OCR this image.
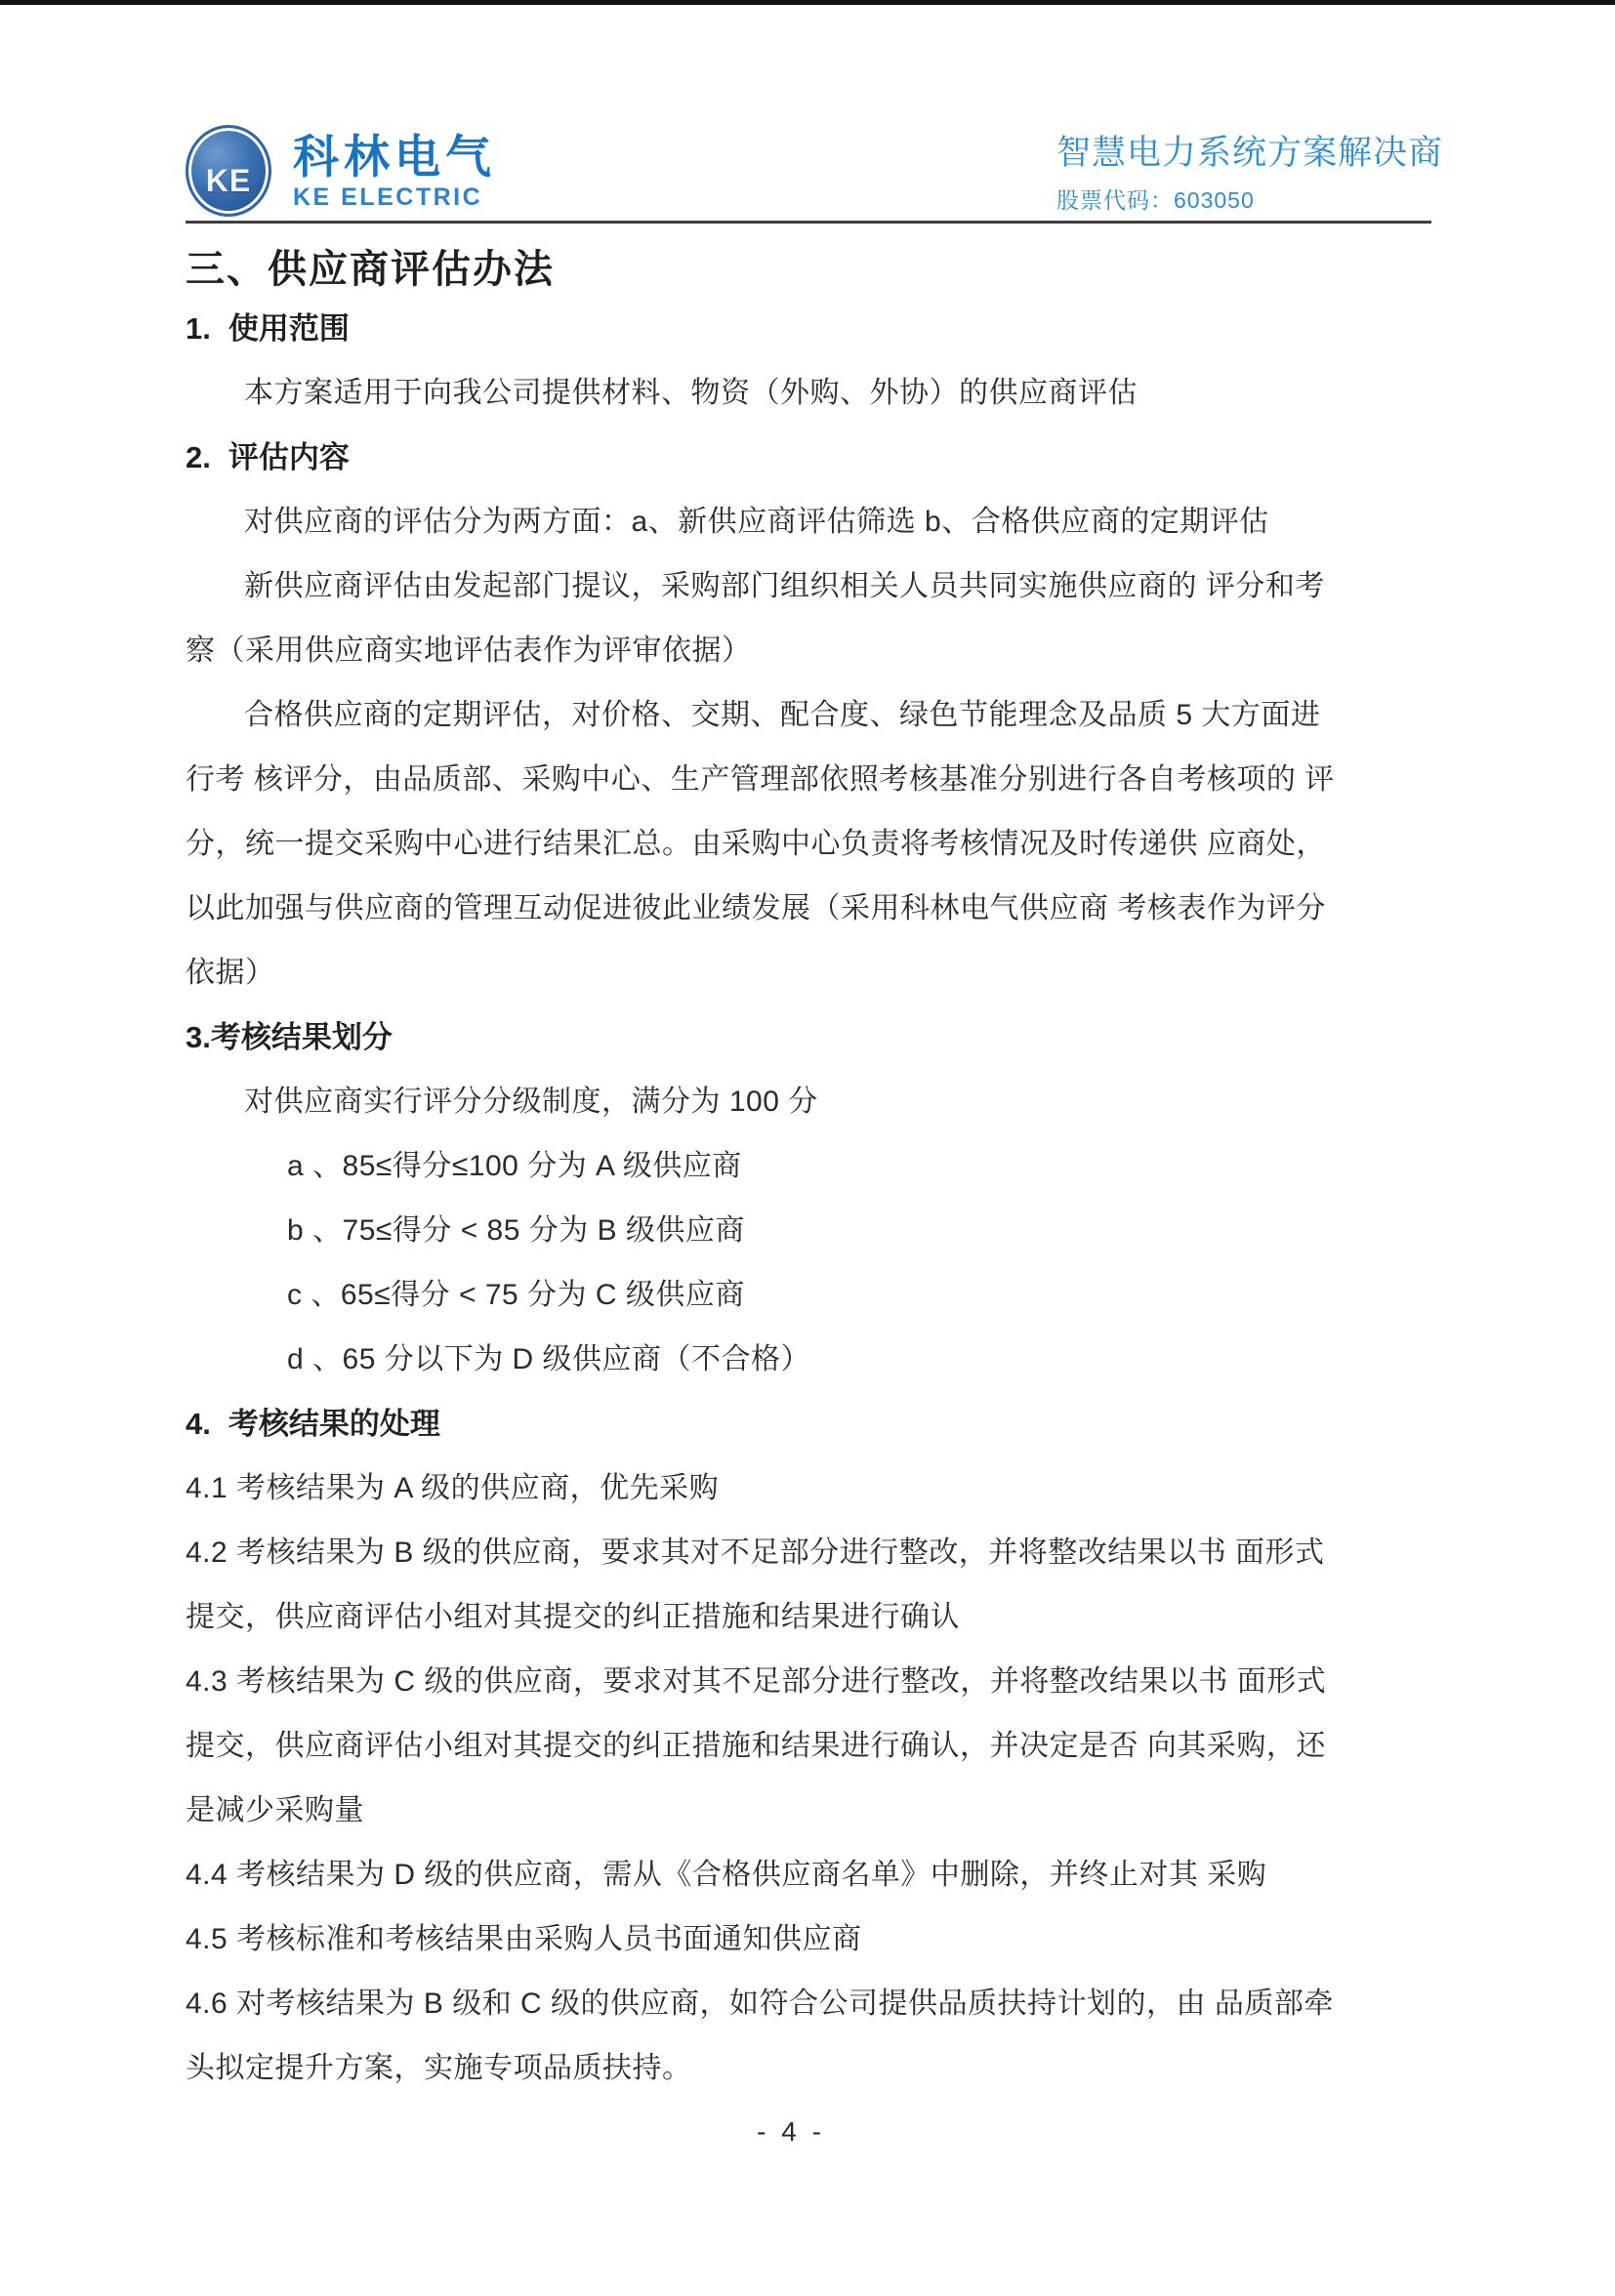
KE 科林电气
KE ELECTRIC
智慧电力系统方案解决商
股票代码：603050
三、供应商评估办法
1. 使用范围

本方案适用于向我公司提供材料、物资（外购、外协）的供应商评估

2. 评估内容

对供应商的评估分为两方面：a、新供应商评估筛选 b、合格供应商的定期评估

新供应商评估由发起部门提议，采购部门组织相关人员共同实施供应商的 评分和考

察（采用供应商实地评估表作为评审依据）

合格供应商的定期评估，对价格、交期、配合度、绿色节能理念及品质 5 大方面进

行考 核评分，由品质部、采购中心、生产管理部依照考核基准分别进行各自考核项的 评

分，统一提交采购中心进行结果汇总。由采购中心负责将考核情况及时传递供 应商处，

以此加强与供应商的管理互动促进彼此业绩发展（采用科林电气供应商 考核表作为评分

依据）

3.考核结果划分

对供应商实行评分分级制度，满分为 100 分

a 、85≤得分≤100 分为 A 级供应商

b 、75≤得分 < 85 分为 B 级供应商

c 、65≤得分 < 75 分为 C 级供应商

d 、65 分以下为 D 级供应商（不合格）

4. 考核结果的处理

4.1 考核结果为 A 级的供应商，优先采购

4.2 考核结果为 B 级的供应商，要求其对不足部分进行整改，并将整改结果以书 面形式

提交，供应商评估小组对其提交的纠正措施和结果进行确认

4.3 考核结果为 C 级的供应商，要求对其不足部分进行整改，并将整改结果以书 面形式

提交，供应商评估小组对其提交的纠正措施和结果进行确认，并决定是否 向其采购，还

是减少采购量

4.4 考核结果为 D 级的供应商，需从《合格供应商名单》中删除，并终止对其 采购

4.5 考核标准和考核结果由采购人员书面通知供应商

4.6 对考核结果为 B 级和 C 级的供应商，如符合公司提供品质扶持计划的，由 品质部牵

头拟定提升方案，实施专项品质扶持。

- 4 -
